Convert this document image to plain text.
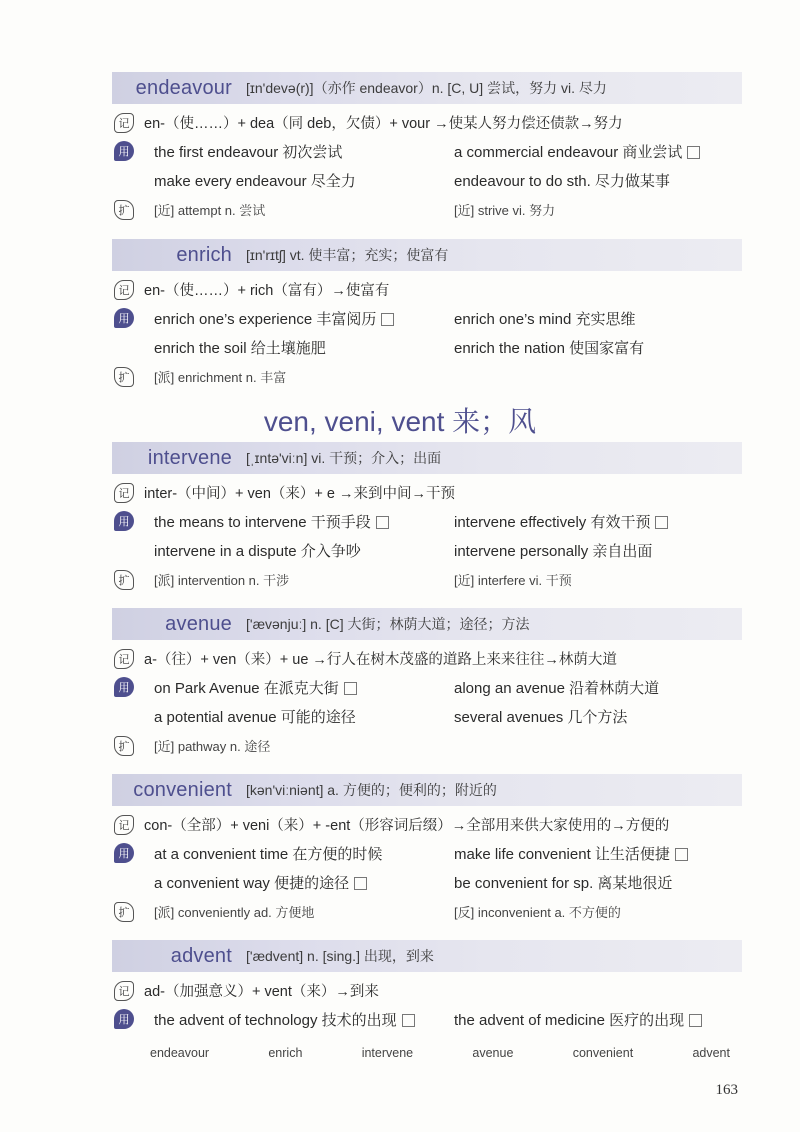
endeavour	[ɪn'devə(r)]（亦作 endeavor）n. [C, U] 尝试，努力 vi. 尽力
记	en-（使……）+ dea（同 deb，欠债）+ vour →使某人努力偿还债款→努力
用	the first endeavour 初次尝试	a commercial endeavour 商业尝试
make every endeavour 尽全力	endeavour to do sth. 尽力做某事
扩	[近] attempt n. 尝试	[近] strive vi. 努力
enrich	[ɪn'rɪtʃ] vt. 使丰富；充实；使富有
记	en-（使……）+ rich（富有）→使富有
用	enrich one’s experience 丰富阅历	enrich one’s mind 充实思维
enrich the soil 给土壤施肥	enrich the nation 使国家富有
扩	[派] enrichment n. 丰富
ven, veni, vent 来；风
intervene	[ˌɪntə'viːn] vi. 干预；介入；出面
记	inter-（中间）+ ven（来）+ e →来到中间→干预
用	the means to intervene 干预手段	intervene effectively 有效干预
intervene in a dispute 介入争吵	intervene personally 亲自出面
扩	[派] intervention n. 干涉	[近] interfere vi. 干预
avenue	['ævənjuː] n. [C] 大街；林荫大道；途径；方法
记	a-（往）+ ven（来）+ ue →行人在树木茂盛的道路上来来往往→林荫大道
用	on Park Avenue 在派克大街	along an avenue 沿着林荫大道
a potential avenue 可能的途径	several avenues 几个方法
扩	[近] pathway n. 途径
convenient	[kən'viːniənt] a. 方便的；便利的；附近的
记	con-（全部）+ veni（来）+ -ent（形容词后缀）→全部用来供大家使用的→方便的
用	at a convenient time 在方便的时候	make life convenient 让生活便捷
a convenient way 便捷的途径	be convenient for sp. 离某地很近
扩	[派] conveniently ad. 方便地	[反] inconvenient a. 不方便的
advent	['ædvent] n. [sing.] 出现，到来
记	ad-（加强意义）+ vent（来）→到来
用	the advent of technology 技术的出现	the advent of medicine 医疗的出现
endeavour	enrich	intervene	avenue	convenient	advent
163
